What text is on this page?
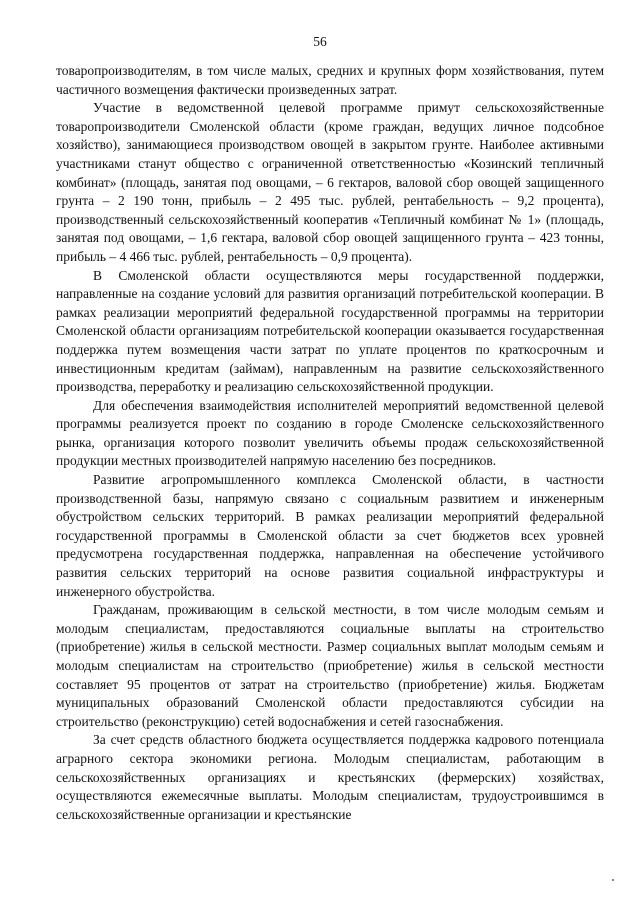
56

товаропроизводителям, в том числе малых, средних и крупных форм хозяйствования, путем частичного возмещения фактически произведенных затрат.

Участие в ведомственной целевой программе примут сельскохозяйственные товаропроизводители Смоленской области (кроме граждан, ведущих личное подсобное хозяйство), занимающиеся производством овощей в закрытом грунте. Наиболее активными участниками станут общество с ограниченной ответственностью «Козинский тепличный комбинат» (площадь, занятая под овощами, – 6 гектаров, валовой сбор овощей защищенного грунта – 2 190 тонн, прибыль – 2 495 тыс. рублей, рентабельность – 9,2 процента), производственный сельскохозяйственный кооператив «Тепличный комбинат № 1» (площадь, занятая под овощами, – 1,6 гектара, валовой сбор овощей защищенного грунта – 423 тонны, прибыль – 4 466 тыс. рублей, рентабельность – 0,9 процента).

В Смоленской области осуществляются меры государственной поддержки, направленные на создание условий для развития организаций потребительской кооперации. В рамках реализации мероприятий федеральной государственной программы на территории Смоленской области организациям потребительской кооперации оказывается государственная поддержка путем возмещения части затрат по уплате процентов по краткосрочным и инвестиционным кредитам (займам), направленным на развитие сельскохозяйственного производства, переработку и реализацию сельскохозяйственной продукции.

Для обеспечения взаимодействия исполнителей мероприятий ведомственной целевой программы реализуется проект по созданию в городе Смоленске сельскохозяйственного рынка, организация которого позволит увеличить объемы продаж сельскохозяйственной продукции местных производителей напрямую населению без посредников.

Развитие агропромышленного комплекса Смоленской области, в частности производственной базы, напрямую связано с социальным развитием и инженерным обустройством сельских территорий. В рамках реализации мероприятий федеральной государственной программы в Смоленской области за счет бюджетов всех уровней предусмотрена государственная поддержка, направленная на обеспечение устойчивого развития сельских территорий на основе развития социальной инфраструктуры и инженерного обустройства.

Гражданам, проживающим в сельской местности, в том числе молодым семьям и молодым специалистам, предоставляются социальные выплаты на строительство (приобретение) жилья в сельской местности. Размер социальных выплат молодым семьям и молодым специалистам на строительство (приобретение) жилья в сельской местности составляет 95 процентов от затрат на строительство (приобретение) жилья. Бюджетам муниципальных образований Смоленской области предоставляются субсидии на строительство (реконструкцию) сетей водоснабжения и сетей газоснабжения.

За счет средств областного бюджета осуществляется поддержка кадрового потенциала аграрного сектора экономики региона. Молодым специалистам, работающим в сельскохозяйственных организациях и крестьянских (фермерских) хозяйствах, осуществляются ежемесячные выплаты. Молодым специалистам, трудоустроившимся в сельскохозяйственные организации и крестьянские
